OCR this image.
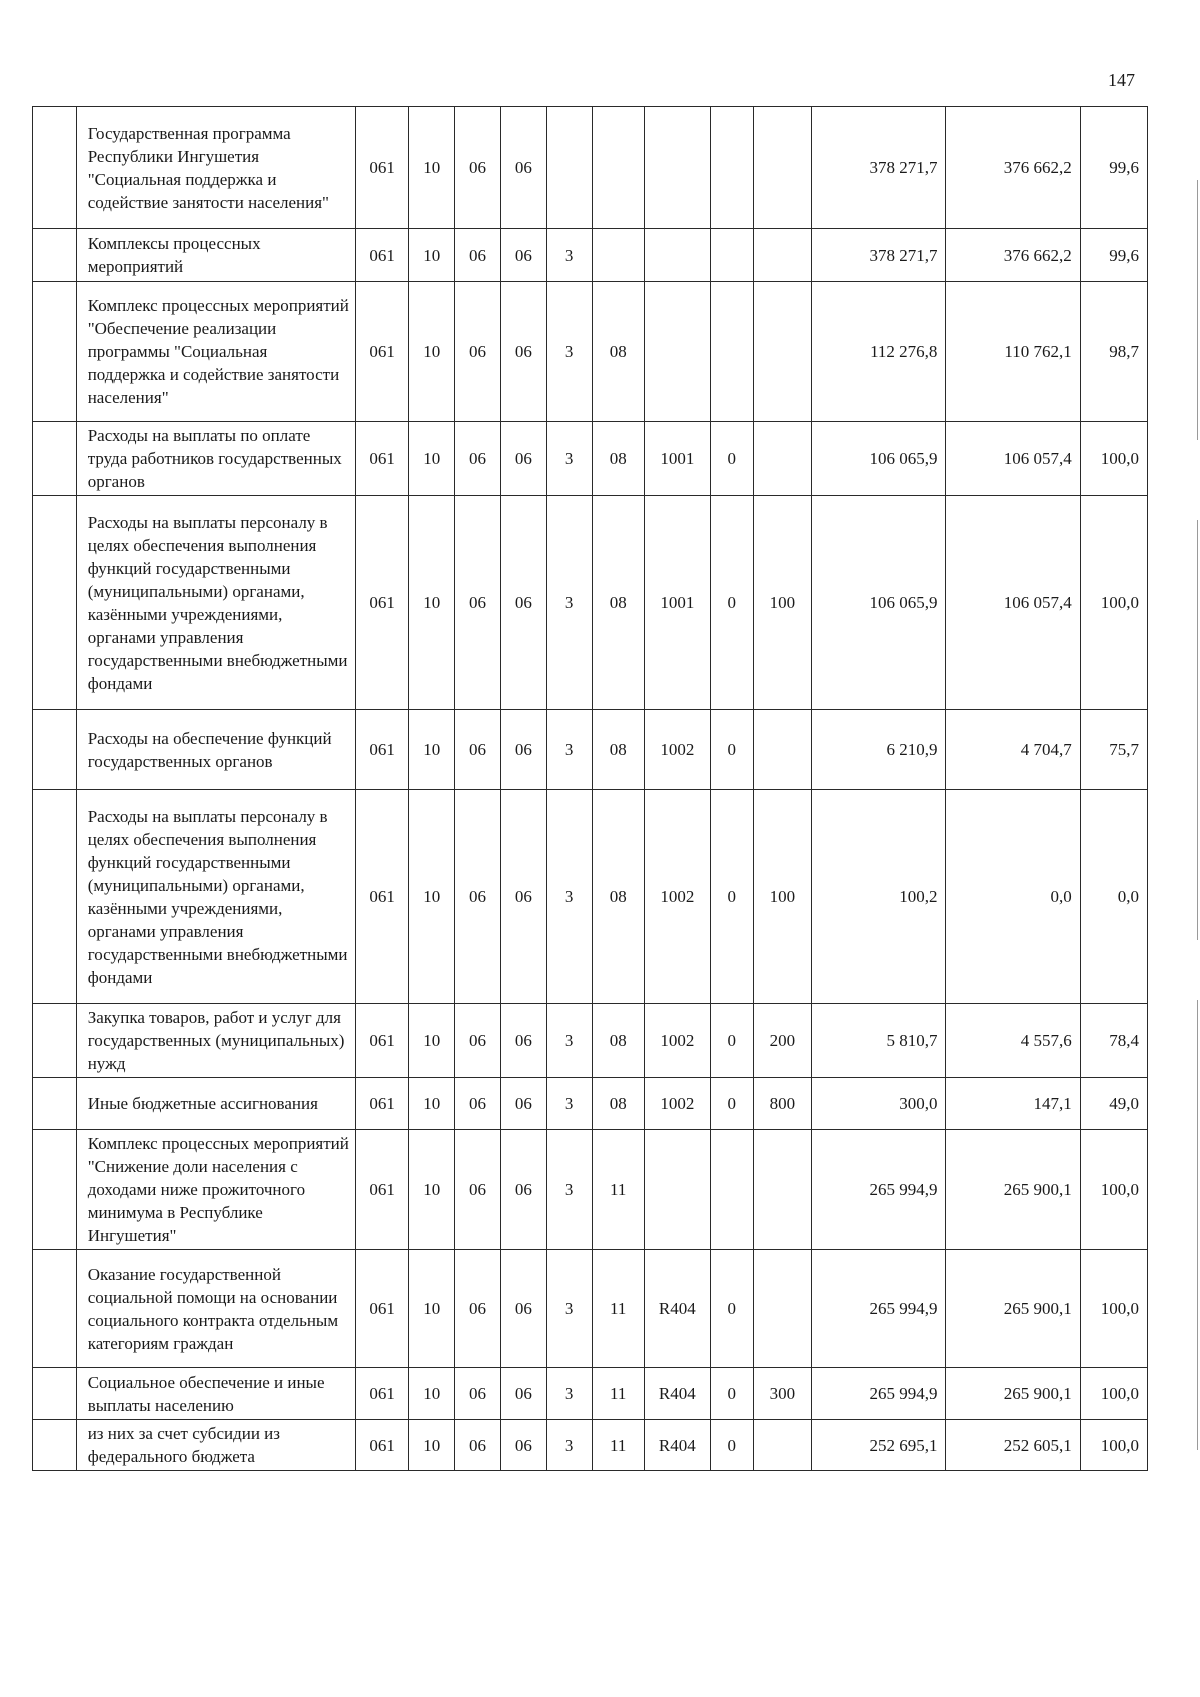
147
	Государственная программа Республики Ингушетия "Социальная поддержка и содействие занятости населения"	061	10	06	06						378 271,7	376 662,2	99,6
	Комплексы процессных мероприятий	061	10	06	06	3					378 271,7	376 662,2	99,6
	Комплекс процессных мероприятий "Обеспечение реализации программы "Социальная поддержка и содействие занятости населения"	061	10	06	06	3	08				112 276,8	110 762,1	98,7
	Расходы на выплаты по оплате труда работников государственных органов	061	10	06	06	3	08	1001	0		106 065,9	106 057,4	100,0
	Расходы на выплаты персоналу в целях обеспечения выполнения функций государственными (муниципальными) органами, казёнными учреждениями, органами управления государственными внебюджетными фондами	061	10	06	06	3	08	1001	0	100	106 065,9	106 057,4	100,0
	Расходы на обеспечение функций государственных органов	061	10	06	06	3	08	1002	0		6 210,9	4 704,7	75,7
	Расходы на выплаты персоналу в целях обеспечения выполнения функций государственными (муниципальными) органами, казёнными учреждениями, органами управления государственными внебюджетными фондами	061	10	06	06	3	08	1002	0	100	100,2	0,0	0,0
	Закупка товаров, работ и услуг для государственных (муниципальных) нужд	061	10	06	06	3	08	1002	0	200	5 810,7	4 557,6	78,4
	Иные бюджетные ассигнования	061	10	06	06	3	08	1002	0	800	300,0	147,1	49,0
	Комплекс процессных мероприятий "Снижение доли населения с доходами ниже прожиточного минимума в Республике Ингушетия"	061	10	06	06	3	11				265 994,9	265 900,1	100,0
	Оказание государственной социальной помощи на основании социального контракта отдельным категориям граждан	061	10	06	06	3	11	R404	0		265 994,9	265 900,1	100,0
	Социальное обеспечение и иные выплаты населению	061	10	06	06	3	11	R404	0	300	265 994,9	265 900,1	100,0
	из них за счет субсидии из федерального бюджета	061	10	06	06	3	11	R404	0		252 695,1	252 605,1	100,0
